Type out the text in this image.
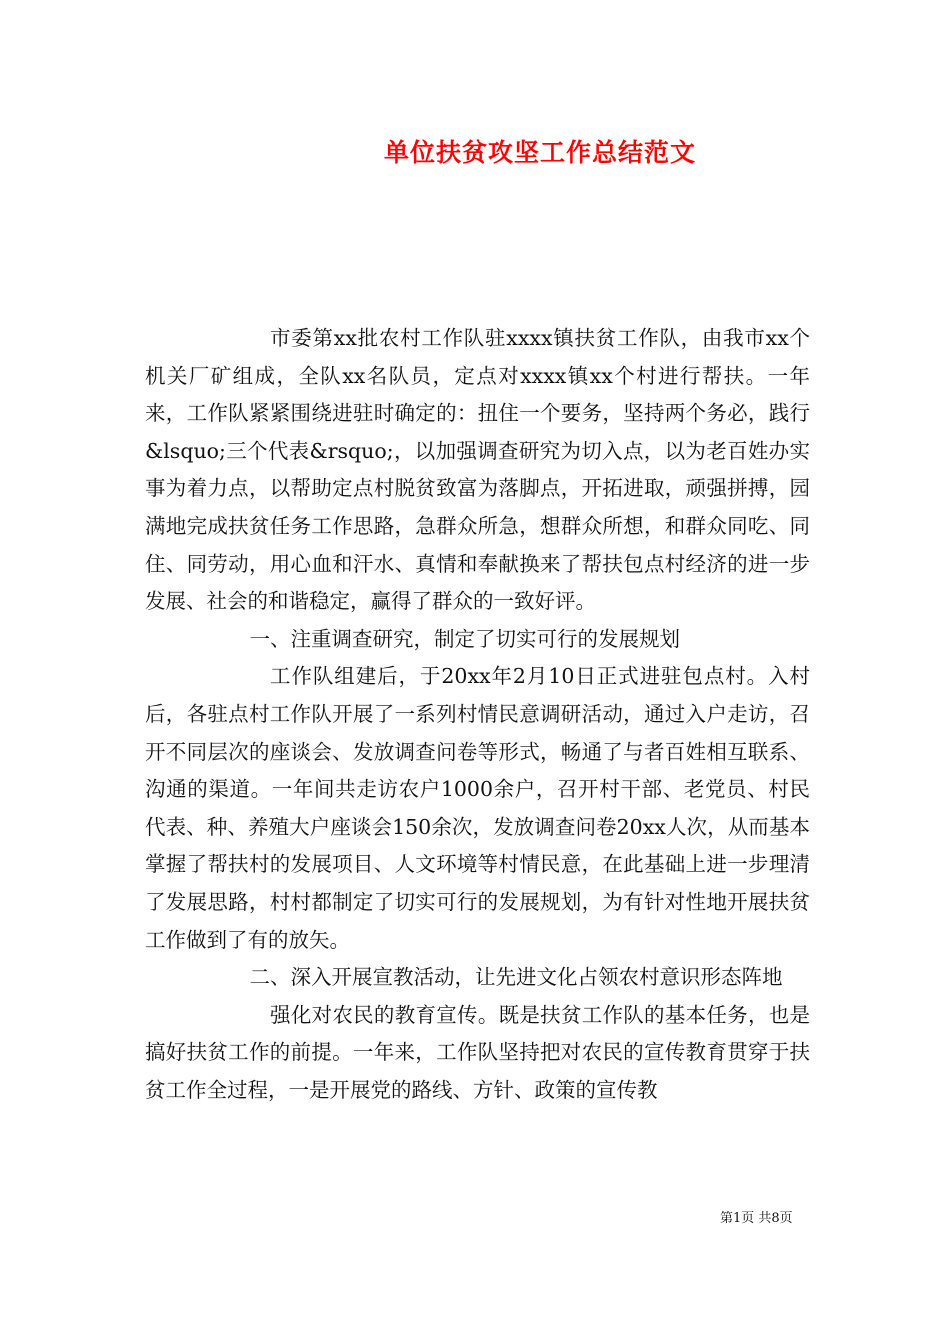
单位扶贫攻坚工作总结范文

市委第xx批农村工作队驻xxxx镇扶贫工作队，由我市xx个机关厂矿组成，全队xx名队员，定点对xxxx镇xx个村进行帮扶。一年来，工作队紧紧围绕进驻时确定的：扭住一个要务，坚持两个务必，践行&lsquo;三个代表&rsquo;，以加强调查研究为切入点，以为老百姓办实事为着力点，以帮助定点村脱贫致富为落脚点，开拓进取，顽强拼搏，园满地完成扶贫任务工作思路，急群众所急，想群众所想，和群众同吃、同住、同劳动，用心血和汗水、真情和奉献换来了帮扶包点村经济的进一步发展、社会的和谐稳定，赢得了群众的一致好评。

一、注重调查研究，制定了切实可行的发展规划

工作队组建后，于20xx年2月10日正式进驻包点村。入村后，各驻点村工作队开展了一系列村情民意调研活动，通过入户走访，召开不同层次的座谈会、发放调查问卷等形式，畅通了与者百姓相互联系、沟通的渠道。一年间共走访农户1000余户，召开村干部、老党员、村民代表、种、养殖大户座谈会150余次，发放调查问卷20xx人次，从而基本掌握了帮扶村的发展项目、人文环境等村情民意，在此基础上进一步理清了发展思路，村村都制定了切实可行的发展规划，为有针对性地开展扶贫工作做到了有的放矢。

二、深入开展宣教活动，让先进文化占领农村意识形态阵地

强化对农民的教育宣传。既是扶贫工作队的基本任务，也是搞好扶贫工作的前提。一年来，工作队坚持把对农民的宣传教育贯穿于扶贫工作全过程，一是开展党的路线、方针、政策的宣传教

第1页 共8页
